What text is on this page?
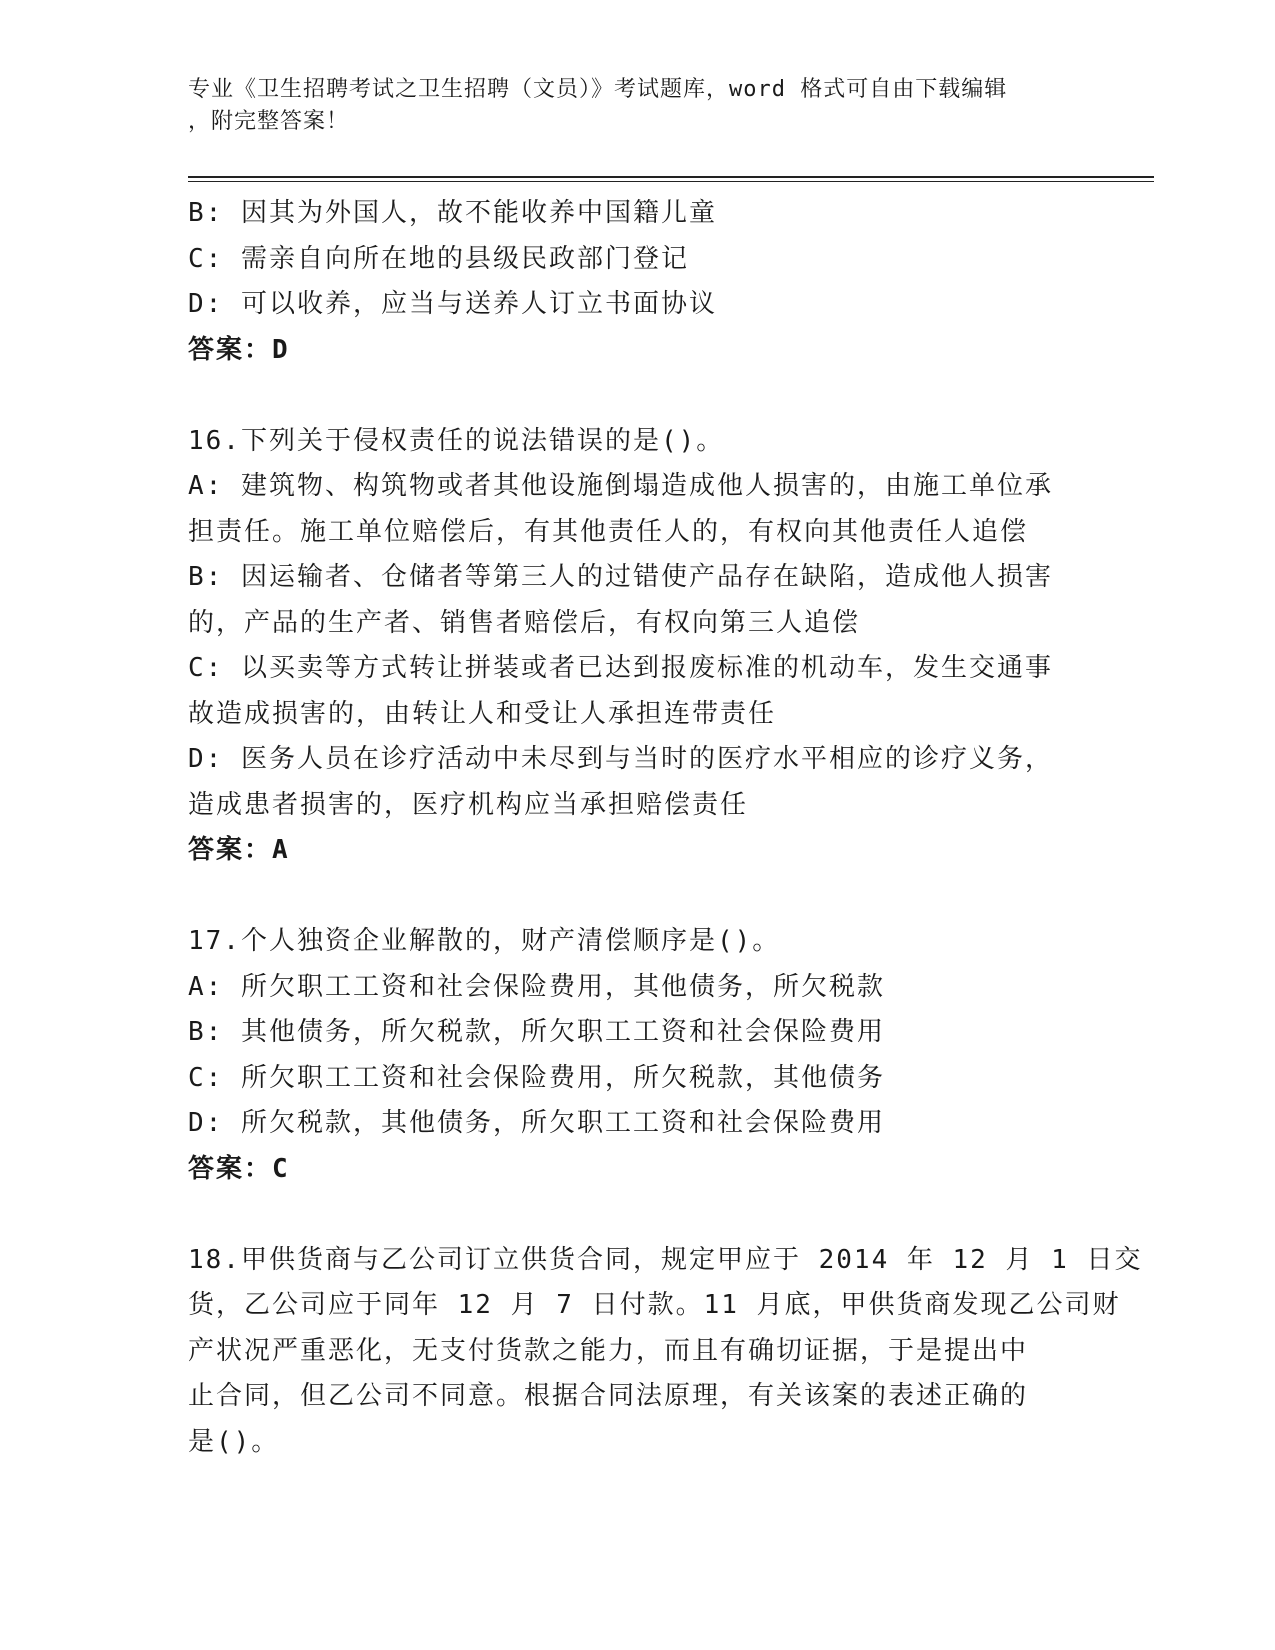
专业《卫生招聘考试之卫生招聘（文员）》考试题库，word 格式可自由下载编辑
，附完整答案！
B: 因其为外国人，故不能收养中国籍儿童
C: 需亲自向所在地的县级民政部门登记
D: 可以收养，应当与送养人订立书面协议
答案：D
16.下列关于侵权责任的说法错误的是()。
A: 建筑物、构筑物或者其他设施倒塌造成他人损害的，由施工单位承
担责任。施工单位赔偿后，有其他责任人的，有权向其他责任人追偿
B: 因运输者、仓储者等第三人的过错使产品存在缺陷，造成他人损害
的，产品的生产者、销售者赔偿后，有权向第三人追偿
C: 以买卖等方式转让拼装或者已达到报废标准的机动车，发生交通事
故造成损害的，由转让人和受让人承担连带责任
D: 医务人员在诊疗活动中未尽到与当时的医疗水平相应的诊疗义务，
造成患者损害的，医疗机构应当承担赔偿责任
答案：A
17.个人独资企业解散的，财产清偿顺序是()。
A: 所欠职工工资和社会保险费用，其他债务，所欠税款
B: 其他债务，所欠税款，所欠职工工资和社会保险费用
C: 所欠职工工资和社会保险费用，所欠税款，其他债务
D: 所欠税款，其他债务，所欠职工工资和社会保险费用
答案：C
18.甲供货商与乙公司订立供货合同，规定甲应于 2014 年 12 月 1 日交
货，乙公司应于同年 12 月 7 日付款。11 月底，甲供货商发现乙公司财
产状况严重恶化，无支付货款之能力，而且有确切证据，于是提出中
止合同，但乙公司不同意。根据合同法原理，有关该案的表述正确的
是()。
